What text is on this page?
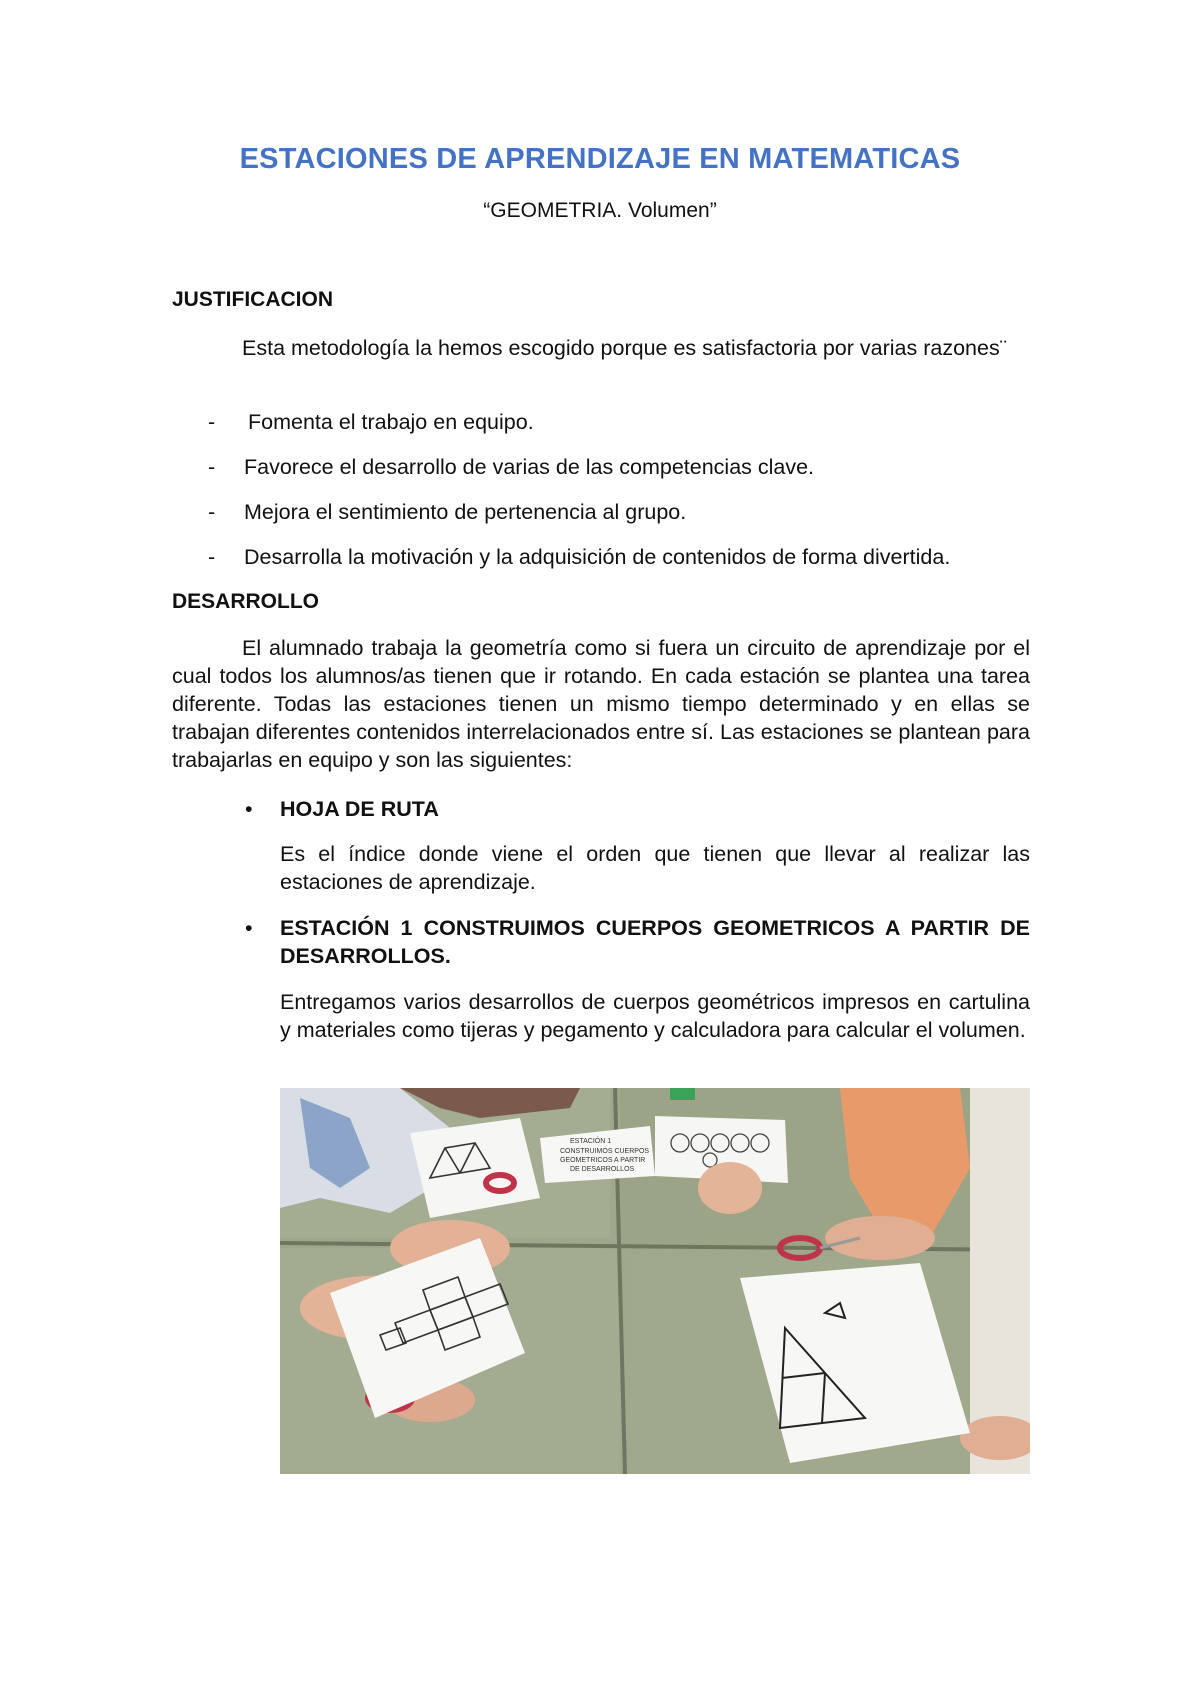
ESTACIONES DE APRENDIZAJE EN MATEMATICAS
“GEOMETRIA. Volumen”
JUSTIFICACION
Esta metodología la hemos escogido porque es satisfactoria por varias razones¨
- Fomenta el trabajo en equipo.
- Favorece el desarrollo de varias de las competencias clave.
- Mejora el sentimiento de pertenencia al grupo.
- Desarrolla la motivación y la adquisición de contenidos de forma divertida.
DESARROLLO
El alumnado trabaja la geometría como si fuera un circuito de aprendizaje por el cual todos los alumnos/as tienen que ir rotando. En cada estación se plantea una tarea diferente. Todas las estaciones tienen un mismo tiempo determinado y en ellas se trabajan diferentes contenidos interrelacionados entre sí. Las estaciones se plantean para trabajarlas en equipo y son las siguientes:
• HOJA DE RUTA
Es el índice donde viene el orden que tienen que llevar al realizar las estaciones de aprendizaje.
• ESTACIÓN 1 CONSTRUIMOS CUERPOS GEOMETRICOS A PARTIR DE DESARROLLOS.
Entregamos varios desarrollos de cuerpos geométricos impresos en cartulina y materiales como tijeras y pegamento y calculadora para calcular el volumen.
ESTACIÓN 1
CONSTRUIMOS CUERPOS
GEOMETRICOS A PARTIR
DE DESARROLLOS
